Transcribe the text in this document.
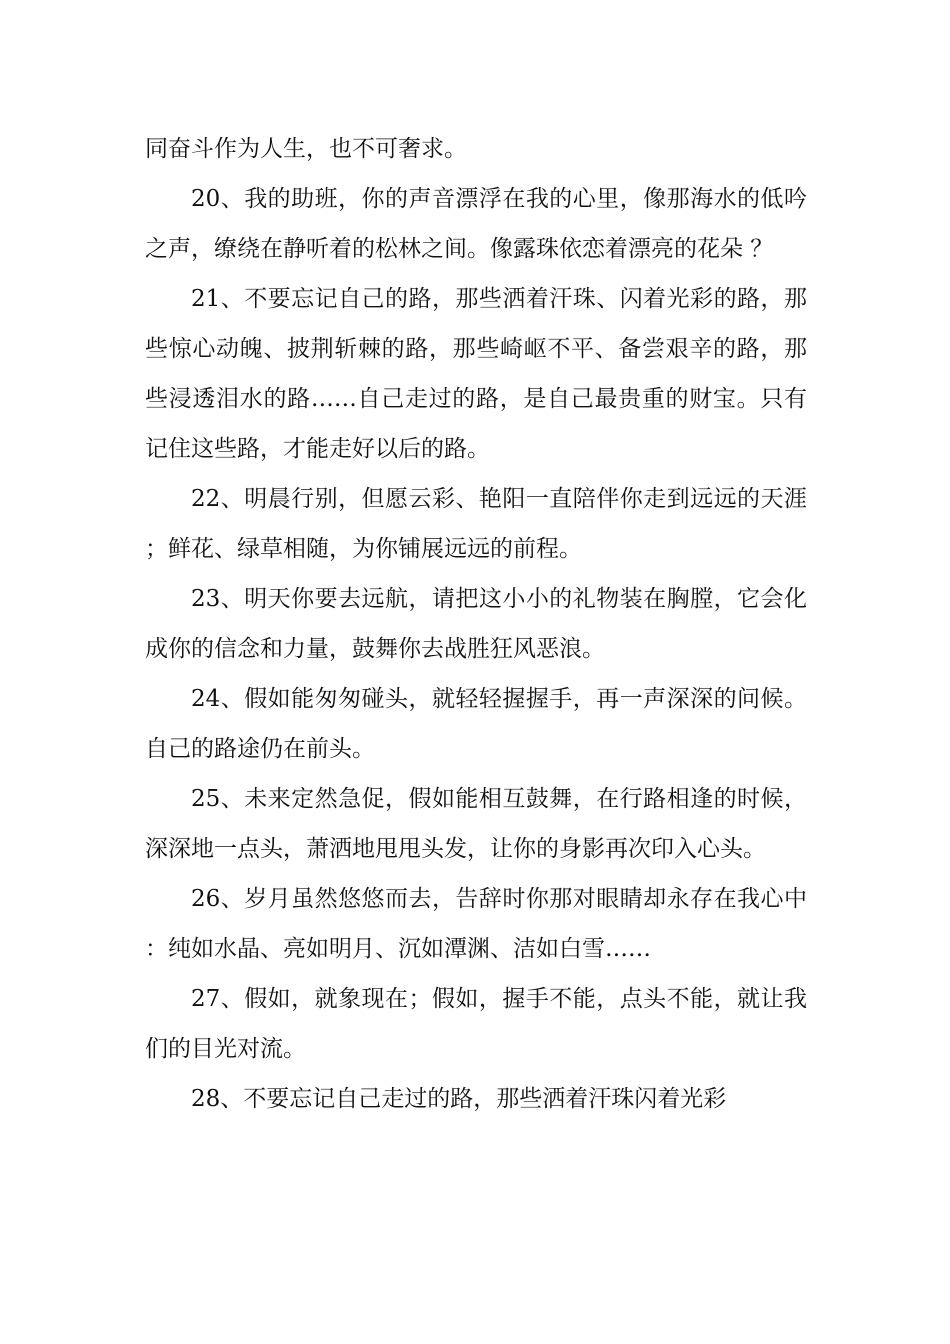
同奋斗作为人生，也不可奢求。

20、我的助班，你的声音漂浮在我的心里，像那海水的低吟之声，缭绕在静听着的松林之间。像露珠依恋着漂亮的花朵 ？

21、不要忘记自己的路，那些洒着汗珠、闪着光彩的路，那些惊心动魄、披荆斩棘的路，那些崎岖不平、备尝艰辛的路，那些浸透泪水的路……自己走过的路，是自己最贵重的财宝。只有记住这些路，才能走好以后的路。

22、明晨行别，但愿云彩、艳阳一直陪伴你走到远远的天涯；鲜花、绿草相随，为你铺展远远的前程。

23、明天你要去远航，请把这小小的礼物装在胸膛，它会化成你的信念和力量，鼓舞你去战胜狂风恶浪。

24、假如能匆匆碰头，就轻轻握握手，再一声深深的问候。自己的路途仍在前头。

25、未来定然急促，假如能相互鼓舞，在行路相逢的时候，深深地一点头，萧洒地甩甩头发，让你的身影再次印入心头。

26、岁月虽然悠悠而去，告辞时你那对眼睛却永存在我心中：纯如水晶、亮如明月、沉如潭渊、洁如白雪……

27、假如，就象现在；假如，握手不能，点头不能，就让我们的目光对流。

28、不要忘记自己走过的路，那些洒着汗珠闪着光彩
